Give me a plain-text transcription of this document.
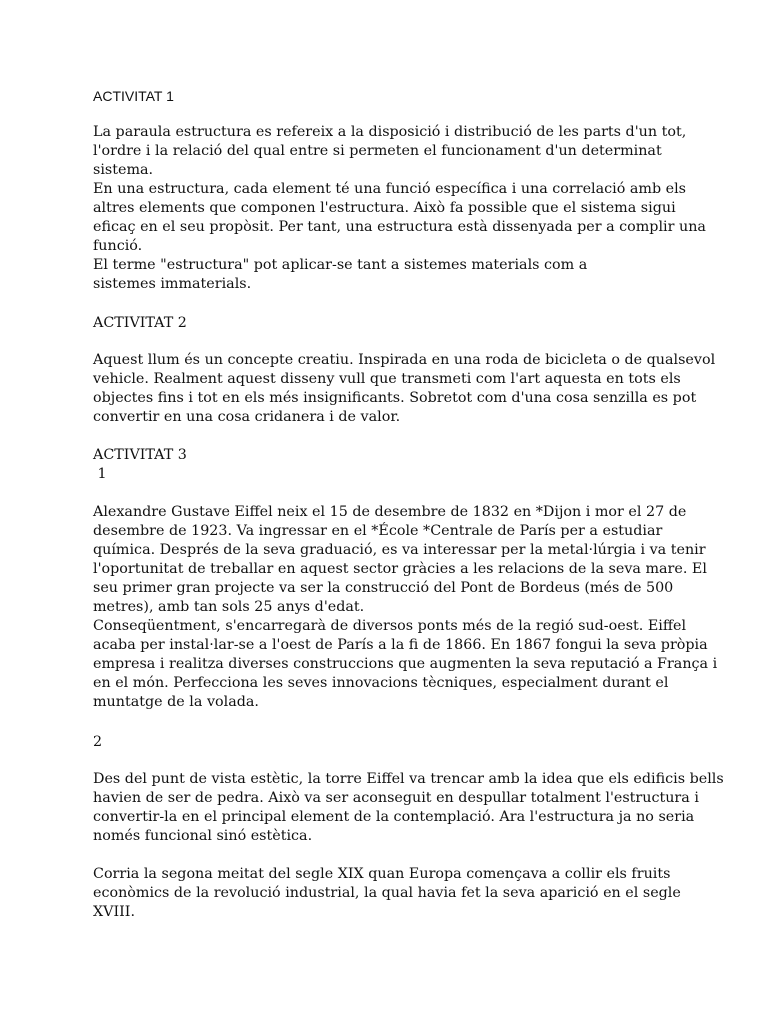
ACTIVITAT 1
La paraula estructura es refereix a la disposició i distribució de les parts d'un tot,
l'ordre i la relació del qual entre si permeten el funcionament d'un determinat
sistema.
En una estructura, cada element té una funció específica i una correlació amb els
altres elements que componen l'estructura. Això fa possible que el sistema sigui
eficaç en el seu propòsit. Per tant, una estructura està dissenyada per a complir una
funció.
El terme "estructura" pot aplicar-se tant a sistemes materials com a
sistemes immaterials.
ACTIVITAT 2
Aquest llum és un concepte creatiu. Inspirada en una roda de bicicleta o de qualsevol
vehicle. Realment aquest disseny vull que transmeti com l'art aquesta en tots els
objectes fins i tot en els més insignificants. Sobretot com d'una cosa senzilla es pot
convertir en una cosa cridanera i de valor.
ACTIVITAT 3
1
Alexandre Gustave Eiffel neix el 15 de desembre de 1832 en *Dijon i mor el 27 de
desembre de 1923. Va ingressar en el *École *Centrale de París per a estudiar
química. Després de la seva graduació, es va interessar per la metal·lúrgia i va tenir
l'oportunitat de treballar en aquest sector gràcies a les relacions de la seva mare. El
seu primer gran projecte va ser la construcció del Pont de Bordeus (més de 500
metres), amb tan sols 25 anys d'edat.
Conseqüentment, s'encarregarà de diversos ponts més de la regió sud-oest. Eiffel
acaba per instal·lar-se a l'oest de París a la fi de 1866. En 1867 fongui la seva pròpia
empresa i realitza diverses construccions que augmenten la seva reputació a França i
en el món. Perfecciona les seves innovacions tècniques, especialment durant el
muntatge de la volada.
2
Des del punt de vista estètic, la torre Eiffel va trencar amb la idea que els edificis bells
havien de ser de pedra. Això va ser aconseguit en despullar totalment l'estructura i
convertir-la en el principal element de la contemplació. Ara l'estructura ja no seria
només funcional sinó estètica.
Corria la segona meitat del segle XIX quan Europa començava a collir els fruits
econòmics de la revolució industrial, la qual havia fet la seva aparició en el segle
XVIII.
